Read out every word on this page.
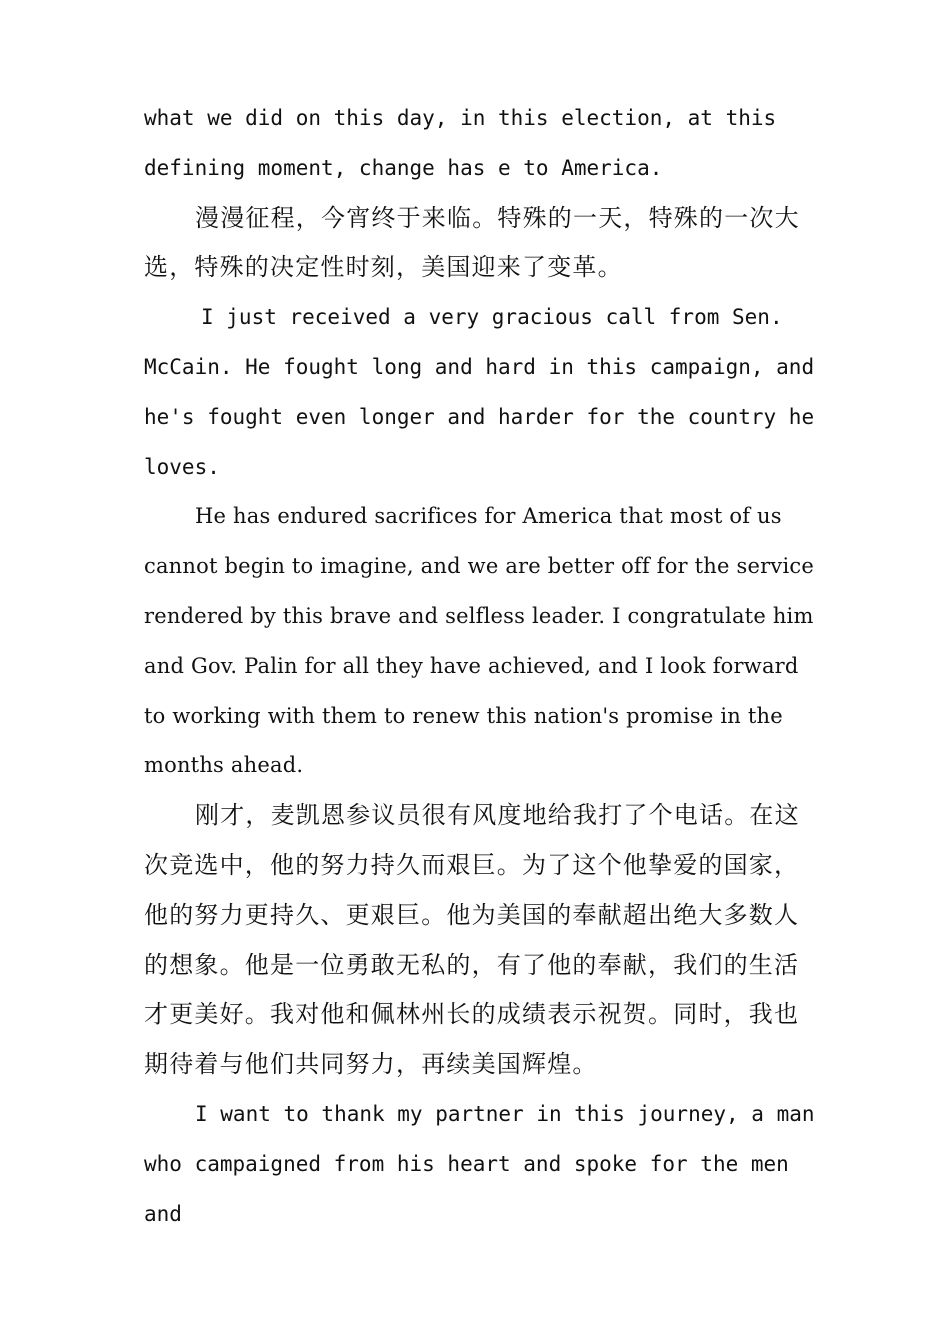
what we did on this day, in this election, at this defining moment, change has e to America.

漫漫征程，今宵终于来临。特殊的一天，特殊的一次大选，特殊的决定性时刻，美国迎来了变革。

I just received a very gracious call from Sen. McCain. He fought long and hard in this campaign, and he's fought even longer and harder for the country he loves.

He has endured sacrifices for America that most of us cannot begin to imagine, and we are better off for the service rendered by this brave and selfless leader. I congratulate him and Gov. Palin for all they have achieved, and I look forward to working with them to renew this nation's promise in the months ahead.

刚才，麦凯恩参议员很有风度地给我打了个电话。在这次竞选中，他的努力持久而艰巨。为了这个他挚爱的国家，他的努力更持久、更艰巨。他为美国的奉献超出绝大多数人的想象。他是一位勇敢无私的，有了他的奉献，我们的生活才更美好。我对他和佩林州长的成绩表示祝贺。同时，我也期待着与他们共同努力，再续美国辉煌。

I want to thank my partner in this journey, a man who campaigned from his heart and spoke for the men and
